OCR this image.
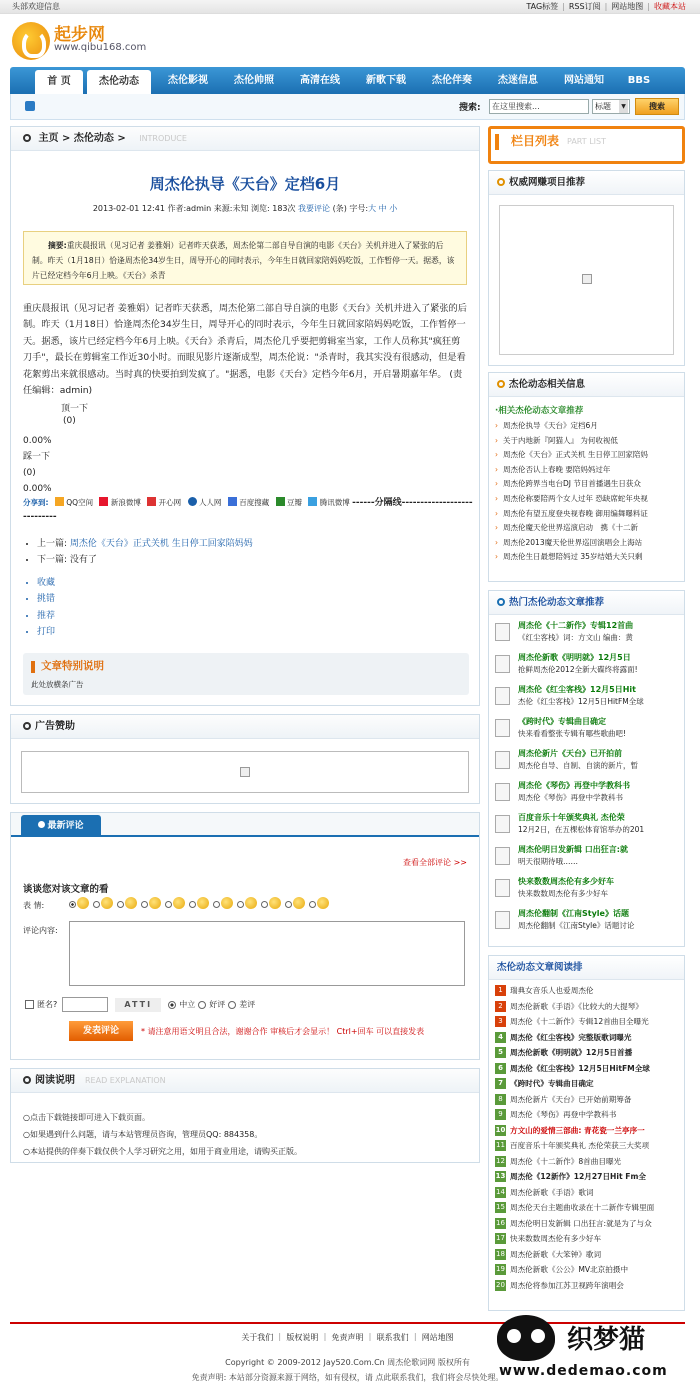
头部欢迎信息	TAG标签 | RSS订阅 | 网站地图 | 收藏本站
起步网
www.qibu168.com
首 页	杰伦动态	杰伦影视	杰伦帅照	高清在线	新歌下载	杰伦伴奏	杰迷信息	网站通知	BBS
搜索:	在这里搜索...	标题 ▼	搜索
主页 > 杰伦动态 > INTRODUCE
周杰伦执导《天台》定档6月
2013-02-01 12:41 作者:admin 来源:未知 浏览: 183次 我要评论 (条) 字号:大 中 小
摘要:重庆晨报讯（见习记者 姜雅娟）记者昨天获悉，周杰伦第二部自导自演的电影《天台》关机并进入了紧张的后制。昨天（1月18日）恰逢周杰伦34岁生日，周导开心的同时表示，今年生日就回家陪妈妈吃饭，工作暂停一天。据悉，该片已经定档今年6月上映。《天台》杀青
重庆晨报讯（见习记者 姜雅娟）记者昨天获悉，周杰伦第二部自导自演的电影《天台》关机并进入了紧张的后制。昨天（1月18日）恰逢周杰伦34岁生日，周导开心的同时表示，今年生日就回家陪妈妈吃饭，工作暂停一天。据悉，该片已经定档今年6月上映。《天台》杀青后，周杰伦几乎要把剪辑室当家，工作人员称其"疯狂剪刀手"，最长在剪辑室工作近30小时。而眼见影片逐渐成型，周杰伦说："杀青时，我其实没有很感动，但是看花絮剪出来就很感动。当时真的快要拍到发疯了。"据悉，电影《天台》定档今年6月，开启暑期嘉年华。 (责任编辑：admin)
顶一下
(0)
0.00%
踩一下
(0)
0.00%
分享到: QQ空间 新浪微博 开心网 人人网 百度搜藏 豆瓣 腾讯微博 ------分隔线----------------------------
• 上一篇: 周杰伦《天台》正式关机 生日停工回家陪妈妈
• 下一篇: 没有了
• 收藏
• 挑错
• 推荐
• 打印
文章特别说明
此处放横条广告
广告赞助
最新评论
查看全部评论 >>
谈谈您对该文章的看
表 情:
评论内容:
匿名?	ATTI	中立 好评 差评
发表评论	* 请注意用语文明且合法，谢谢合作 审核后才会显示！ Ctrl+回车 可以直接发表
阅读说明 READ EXPLANATION
○点击下载链接即可进入下载页面。
○如果遇到什么问题，请与本站管理员咨询，管理员QQ: 884358。
○本站提供的伴奏下载仅供个人学习研究之用，如用于商业用途，请购买正版。
栏目列表 PART LIST
权威网赚项目推荐
杰伦动态相关信息
·相关杰伦动态文章推荐
› 周杰伦执导《天台》定档6月
› 关于内地新『阿猫人』 为何收视低
› 周杰伦《天台》正式关机 生日停工回家陪妈
› 周杰伦否认上春晚 要陪妈妈过年
› 周杰伦跨界当电台DJ 节目首播遇生日获众
› 周杰伦称要陪两个女人过年 恐缺席蛇年央视
› 周杰伦有望五度登央视春晚 御用编舞曝料证
› 周杰伦魔天伦世界巡演启动　携《十二新
› 周杰伦2013魔天伦世界巡回演唱会上海站
› 周杰伦生日最想陪妈过 35岁结婚大关只剩
热门杰伦动态文章推荐
周杰伦《十二新作》专辑12首曲
《红尘客栈》词：方文山 编曲：黄
周杰伦新歌《明明就》12月5日
抢鲜周杰伦2012全新大碟终将露面!
周杰伦《红尘客栈》12月5日Hit
杰伦《红尘客栈》12月5日HitFM全球
《跨时代》专辑曲目确定
快来看看整张专辑有哪些歌曲吧!
周杰伦新片《天台》已开拍前
周杰伦自导、自制、自演的新片，暂
周杰伦《琴伤》再登中学教科书
周杰伦《琴伤》再登中学教科书
百度音乐十年颁奖典礼 杰伦荣
12月2日，在五棵松体育馆举办的201
周杰伦明日发新辑 口出狂言:就
明天很期待哦……
快来数数周杰伦有多少好车
快来数数周杰伦有多少好车
周杰伦翻制《江南Style》话题
周杰伦翻制《江南Style》话题讨论
杰伦动态文章阅读排
1 瑞典女音乐人也爱周杰伦
2 周杰伦新歌《手语》《比较大的大提琴》
3 周杰伦《十二新作》专辑12首曲目全曝光
4 周杰伦《红尘客栈》完整版歌词曝光
5 周杰伦新歌《明明就》12月5日首播
6 周杰伦《红尘客栈》12月5日HitFM全球
7 《跨时代》专辑曲目确定
8 周杰伦新片《天台》已开始前期筹备
9 周杰伦《琴伤》再登中学教科书
10 方文山的爱情三部曲: 青花瓷一兰亭序一
11 百度音乐十年颁奖典礼 杰伦荣获三大奖项
12 周杰伦《十二新作》8首曲目曝光
13 周杰伦《12新作》12月27日Hit Fm全
14 周杰伦新歌《手语》歌词
15 周杰伦天台主题曲收录在十二新作专辑里面
16 周杰伦明日发新辑 口出狂言:就是为了与众
17 快来数数周杰伦有多少好车
18 周杰伦新歌《大笨钟》歌词
19 周杰伦新歌《公公》MV北京拍摄中
20 周杰伦将参加江苏卫视跨年演唱会
关于我们 ｜ 版权说明 ｜ 免责声明 ｜ 联系我们 ｜ 网站地图
Copyright © 2009-2012 Jay520.Com.Cn 周杰伦歌词网 版权所有
免责声明: 本站部分资源来源于网络，如有侵权，请 点此联系我们，我们将会尽快处理。
织梦猫
www.dedemao.com
